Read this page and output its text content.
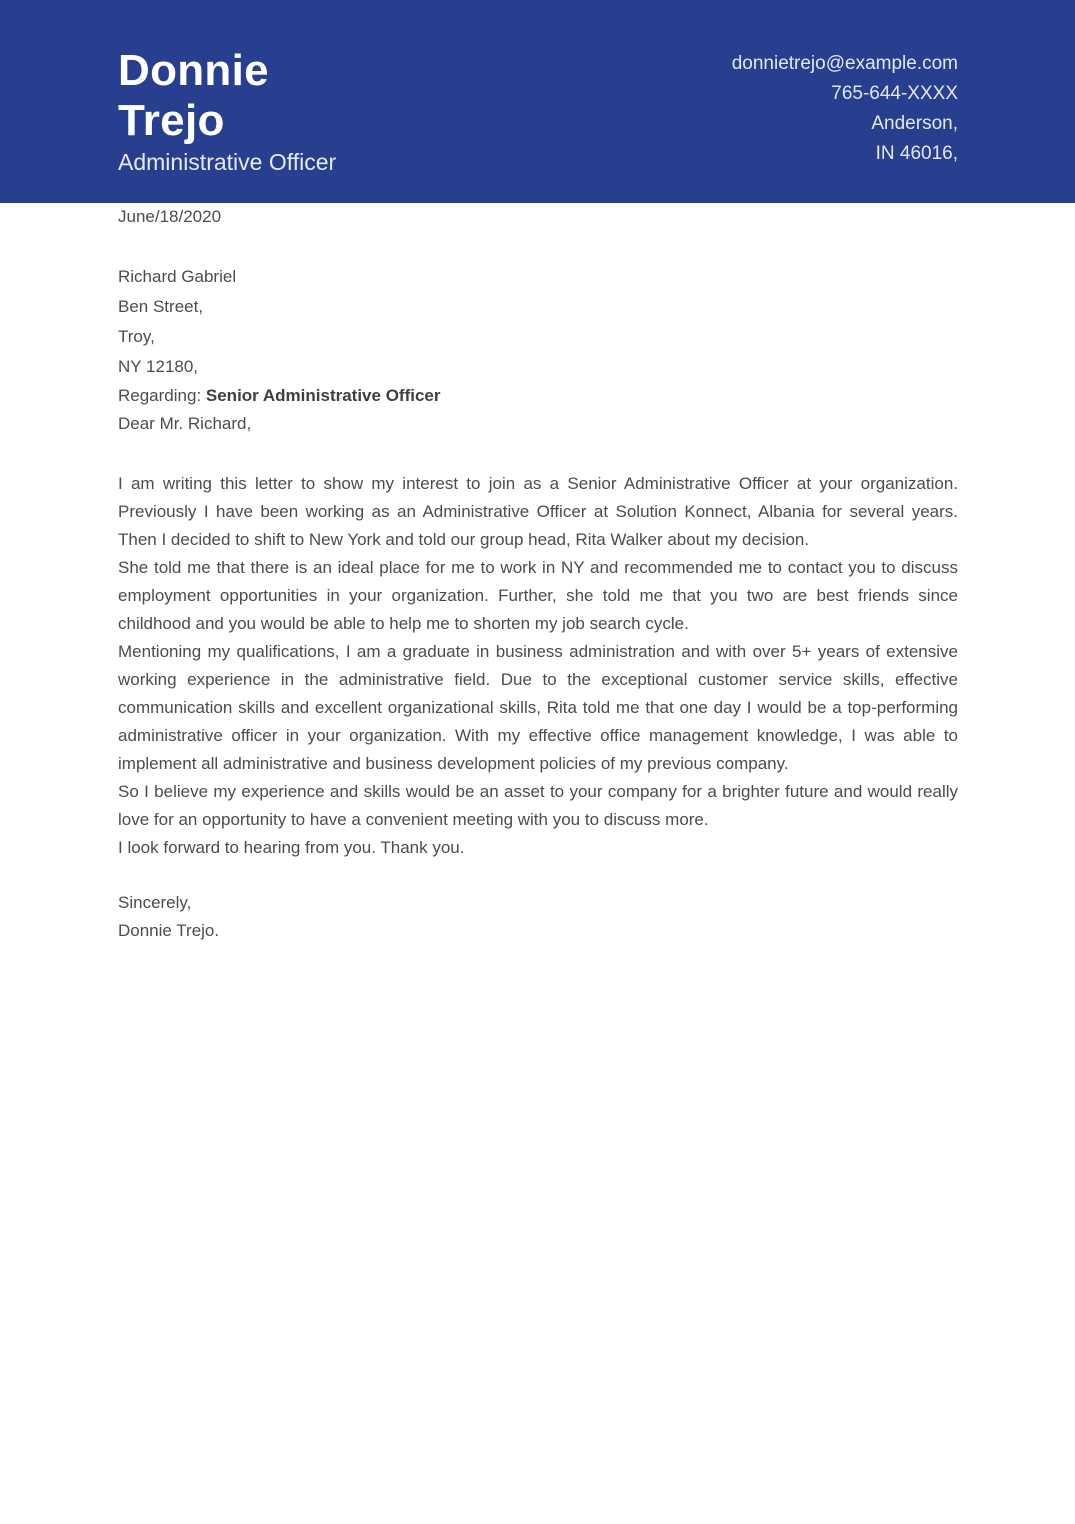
Donnie
Trejo
Administrative Officer
donnietrejo@example.com
765-644-XXXX
Anderson,
IN 46016,

June/18/2020

Richard Gabriel
Ben Street,
Troy,
NY 12180,

Regarding: Senior Administrative Officer

Dear Mr. Richard,

I am writing this letter to show my interest to join as a Senior Administrative Officer at your organization. Previously I have been working as an Administrative Officer at Solution Konnect, Albania for several years. Then I decided to shift to New York and told our group head, Rita Walker about my decision.

She told me that there is an ideal place for me to work in NY and recommended me to contact you to discuss employment opportunities in your organization. Further, she told me that you two are best friends since childhood and you would be able to help me to shorten my job search cycle.

Mentioning my qualifications, I am a graduate in business administration and with over 5+ years of extensive working experience in the administrative field. Due to the exceptional customer service skills, effective communication skills and excellent organizational skills, Rita told me that one day I would be a top-performing administrative officer in your organization. With my effective office management knowledge, I was able to implement all administrative and business development policies of my previous company.

So I believe my experience and skills would be an asset to your company for a brighter future and would really love for an opportunity to have a convenient meeting with you to discuss more.

I look forward to hearing from you. Thank you.

Sincerely,
Donnie Trejo.
